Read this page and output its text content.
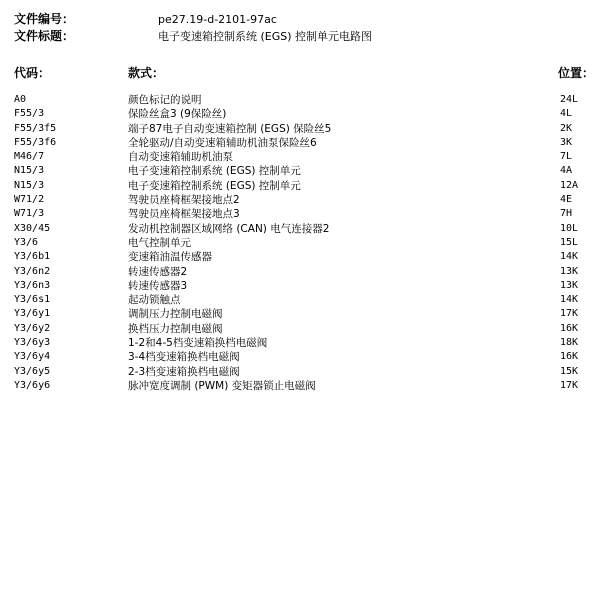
文件编号：	pe27.19-d-2101-97ac
文件标题：	电子变速箱控制系统 (EGS) 控制单元电路图
代码：	款式：	位置：
A0	颜色标记的说明	24L
F55/3	保险丝盒3 (9保险丝)	4L
F55/3f5	端子87电子自动变速箱控制 (EGS) 保险丝5	2K
F55/3f6	全轮驱动/自动变速箱辅助机油泵保险丝6	3K
M46/7	自动变速箱辅助机油泵	7L
N15/3	电子变速箱控制系统 (EGS) 控制单元	4A
N15/3	电子变速箱控制系统 (EGS) 控制单元	12A
W71/2	驾驶员座椅框架接地点2	4E
W71/3	驾驶员座椅框架接地点3	7H
X30/45	发动机控制器区域网络 (CAN) 电气连接器2	10L
Y3/6	电气控制单元	15L
Y3/6b1	变速箱油温传感器	14K
Y3/6n2	转速传感器2	13K
Y3/6n3	转速传感器3	13K
Y3/6s1	起动锁触点	14K
Y3/6y1	调制压力控制电磁阀	17K
Y3/6y2	换档压力控制电磁阀	16K
Y3/6y3	1-2和4-5档变速箱换档电磁阀	18K
Y3/6y4	3-4档变速箱换档电磁阀	16K
Y3/6y5	2-3档变速箱换档电磁阀	15K
Y3/6y6	脉冲宽度调制 (PWM) 变矩器锁止电磁阀	17K
